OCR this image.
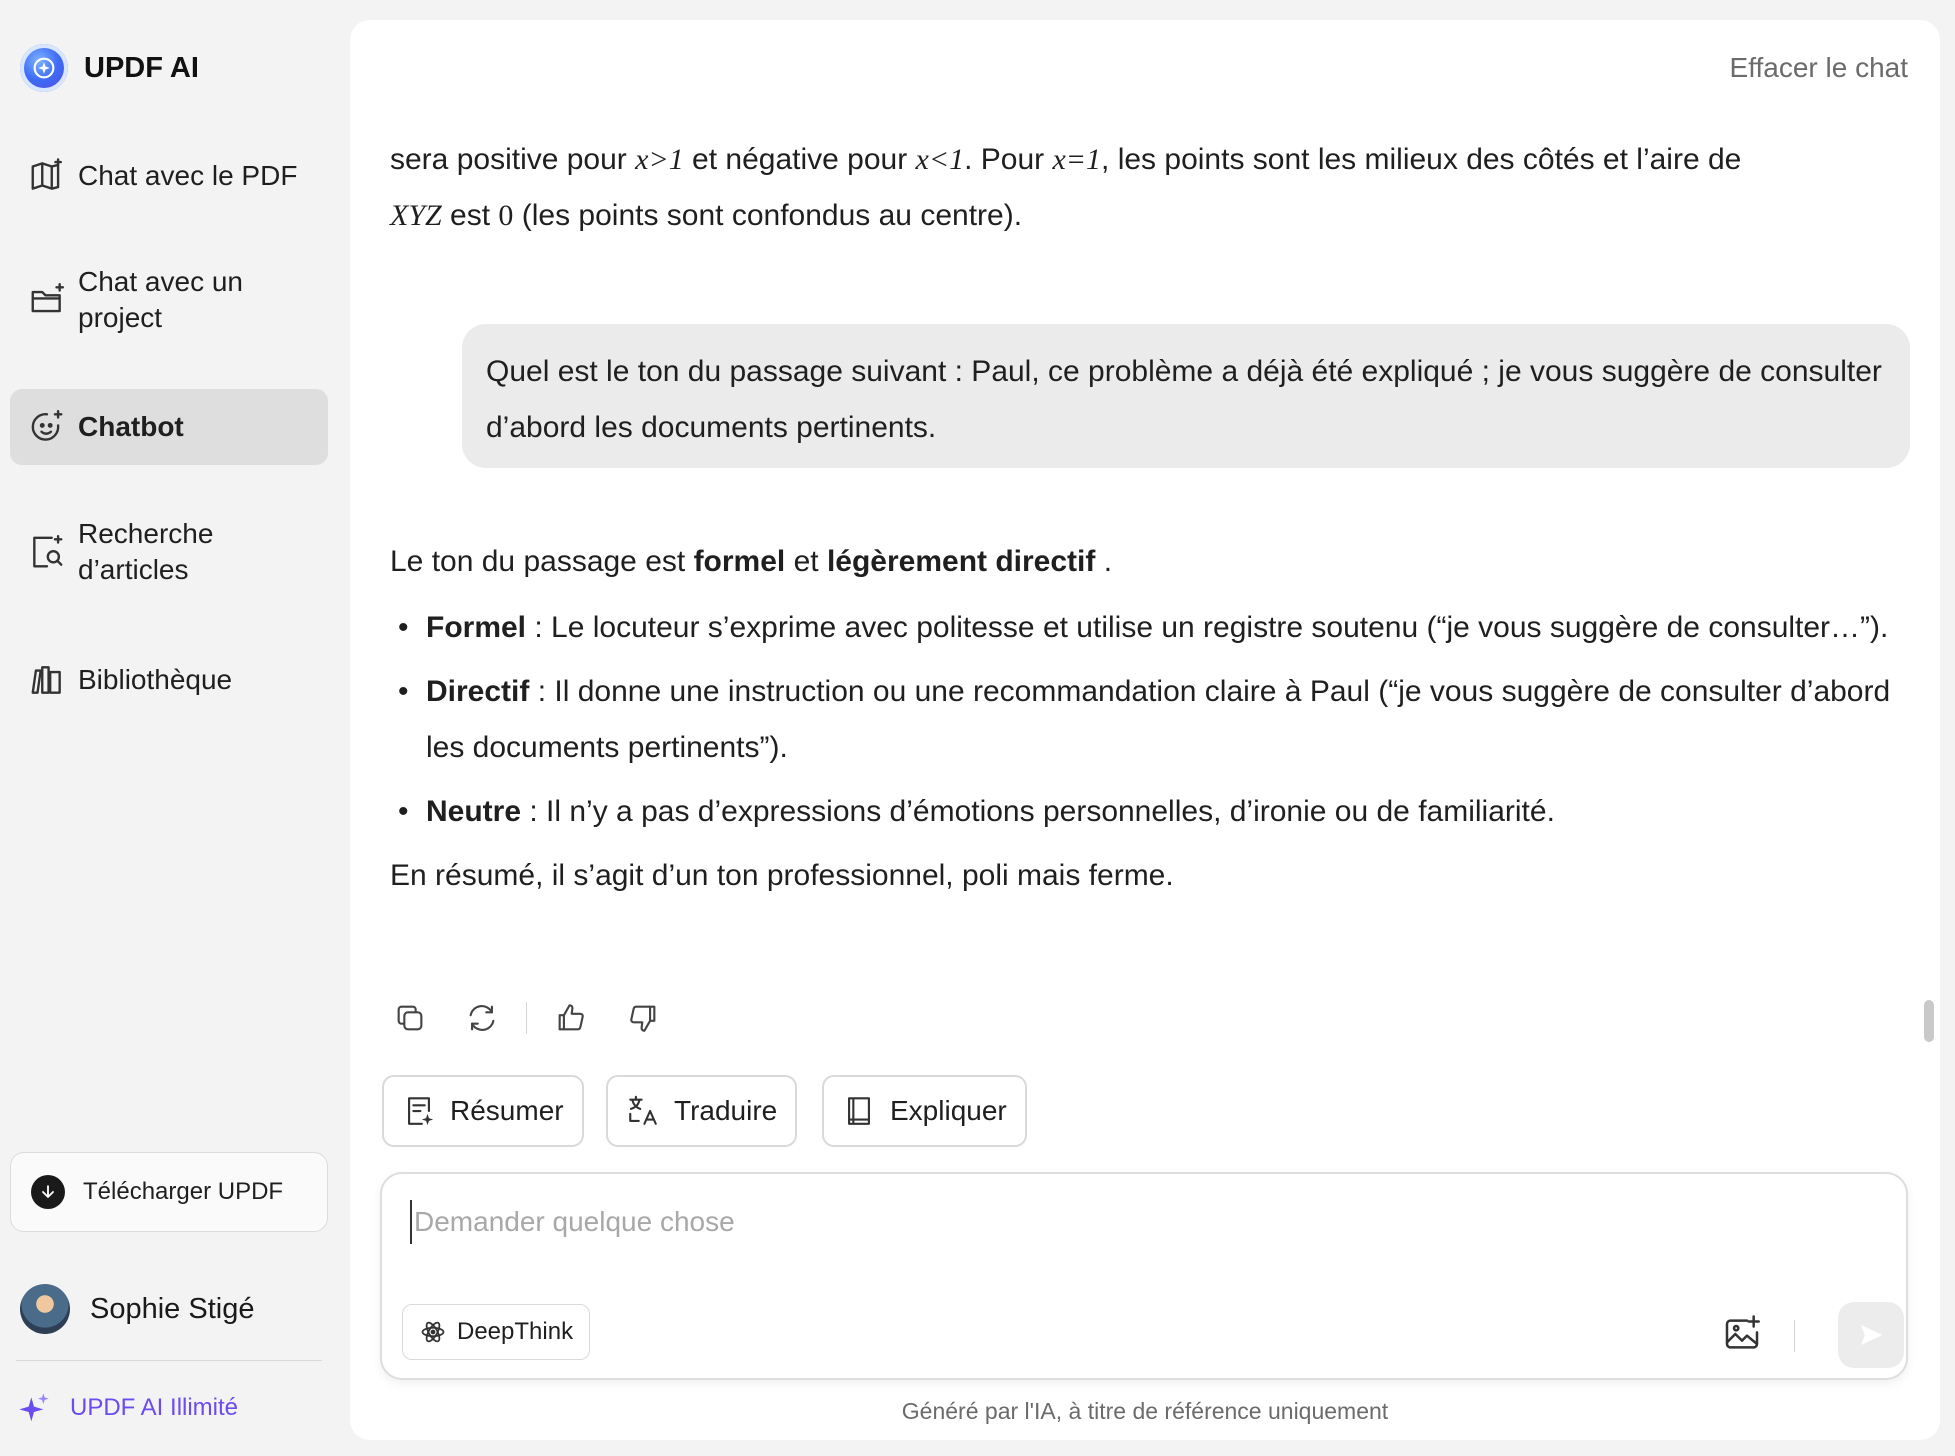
UPDF AI
Chat avec le PDF
Chat avec un project
Chatbot
Recherche d’articles
Bibliothèque
Télécharger UPDF
Sophie Stigé
UPDF AI Illimité
Effacer le chat
sera positive pour x>1 et négative pour x<1. Pour x=1, les points sont les milieux des côtés et l’aire de
XYZ est 0 (les points sont confondus au centre).
Quel est le ton du passage suivant : Paul, ce problème a déjà été expliqué ; je vous suggère de consulter d’abord les documents pertinents.

Le ton du passage est formel et légèrement directif .

• Formel : Le locuteur s’exprime avec politesse et utilise un registre soutenu (“je vous suggère de consulter…”).
• Directif : Il donne une instruction ou une recommandation claire à Paul (“je vous suggère de consulter d’abord les documents pertinents”).
• Neutre : Il n’y a pas d’expressions d’émotions personnelles, d’ironie ou de familiarité.

En résumé, il s’agit d’un ton professionnel, poli mais ferme.

Résumer	Traduire	Expliquer
Demander quelque chose
DeepThink
Généré par l'IA, à titre de référence uniquement
